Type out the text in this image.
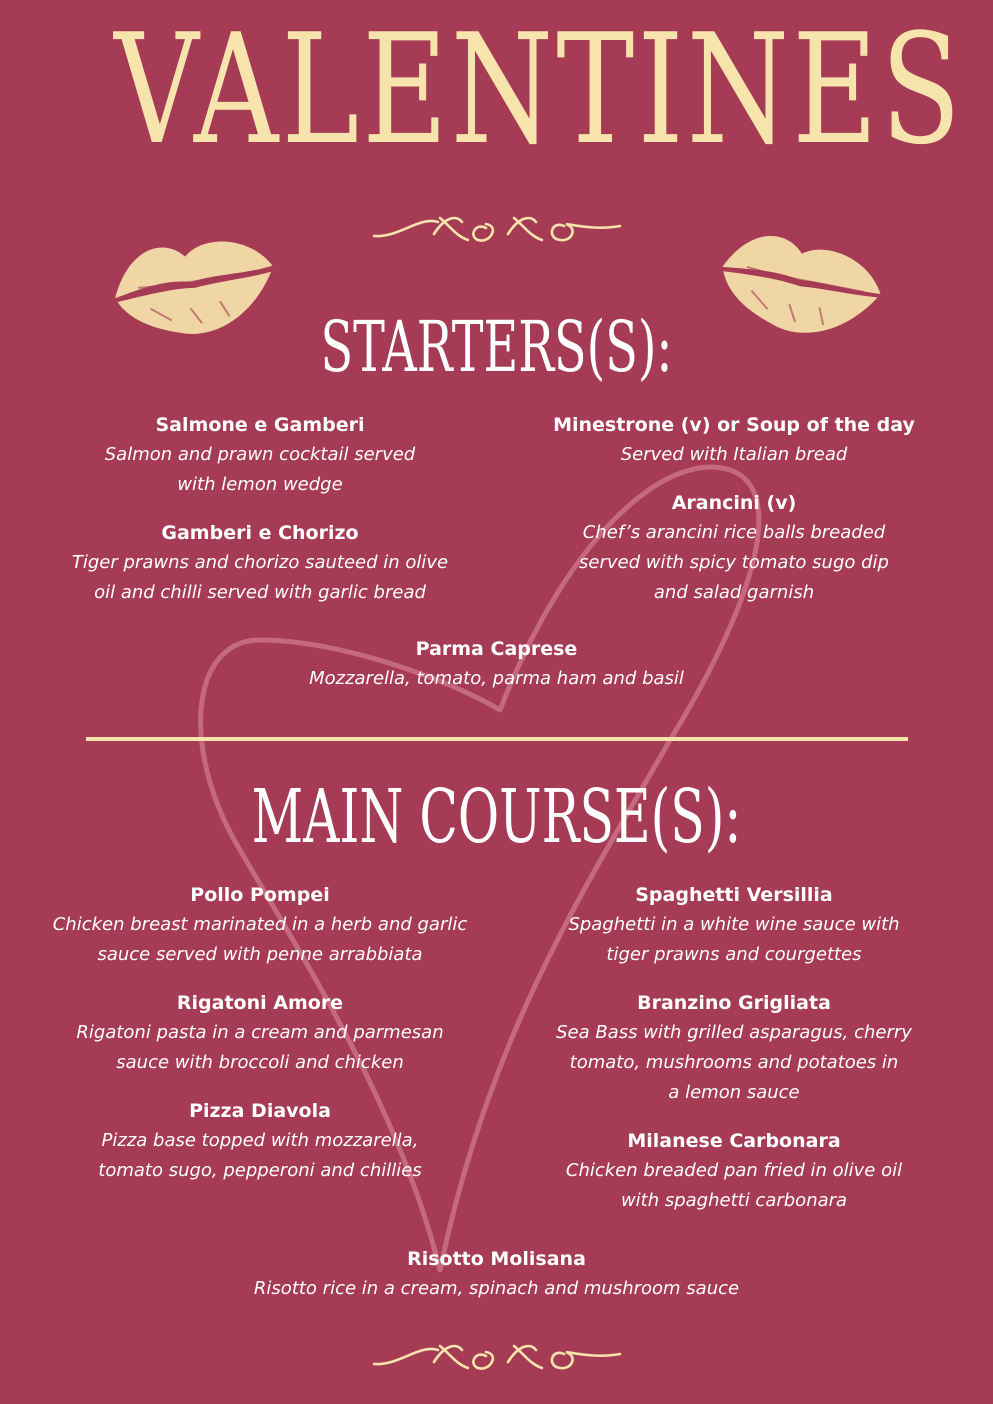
VALENTINES
STARTERS(S):
Salmone e Gamberi
Salmon and prawn cocktail served
with lemon wedge
Minestrone (v) or Soup of the day
Served with Italian bread
Gamberi e Chorizo
Tiger prawns and chorizo sauteed in olive
oil and chilli served with garlic bread
Arancini (v)
Chef’s arancini rice balls breaded
served with spicy tomato sugo dip
and salad garnish
Parma Caprese
Mozzarella, tomato, parma ham and basil
MAIN COURSE(S):
Pollo Pompei
Chicken breast marinated in a herb and garlic
sauce served with penne arrabbiata
Spaghetti Versillia
Spaghetti in a white wine sauce with
tiger prawns and courgettes
Rigatoni Amore
Rigatoni pasta in a cream and parmesan
sauce with broccoli and chicken
Branzino Grigliata
Sea Bass with grilled asparagus, cherry
tomato, mushrooms and potatoes in
a lemon sauce
Pizza Diavola
Pizza base topped with mozzarella,
tomato sugo, pepperoni and chillies
Milanese Carbonara
Chicken breaded pan fried in olive oil
with spaghetti carbonara
Risotto Molisana
Risotto rice in a cream, spinach and mushroom sauce
